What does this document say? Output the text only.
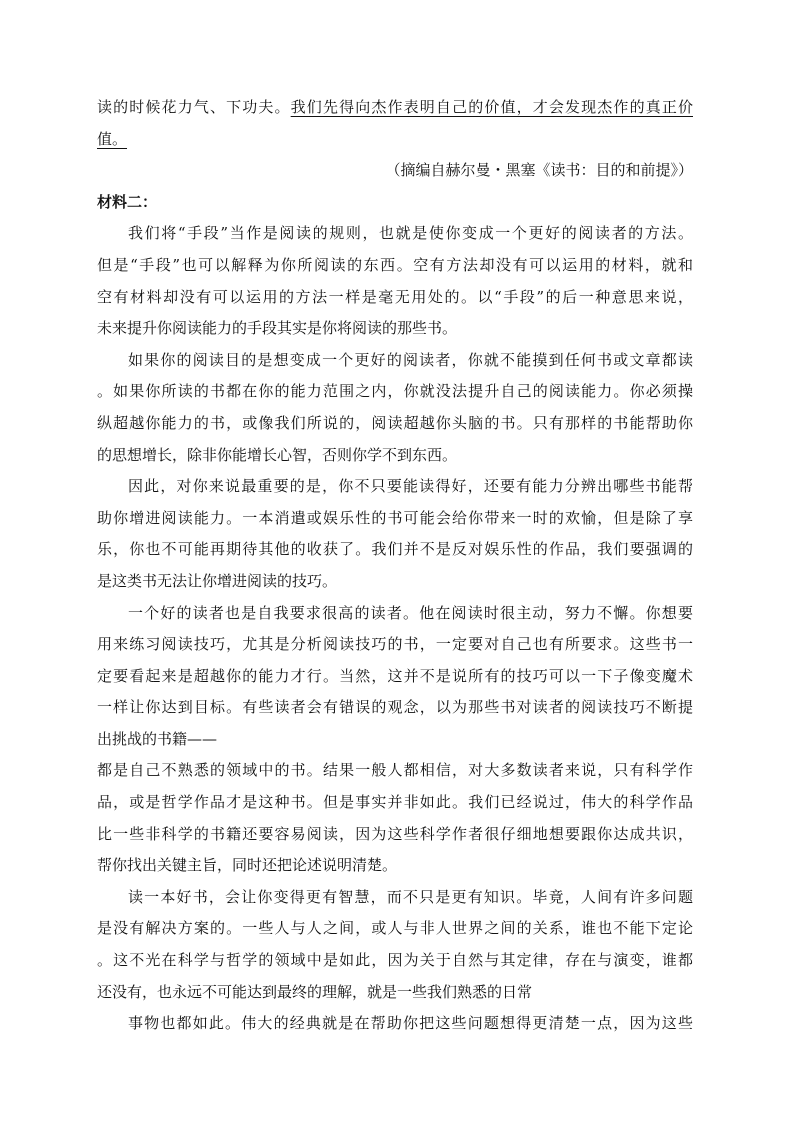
读的时候花力气、下功夫。我们先得向杰作表明自己的价值，才会发现杰作的真正价

值。

（摘编自赫尔曼・黑塞《读书：目的和前提》）

材料二：

我们将“手段”当作是阅读的规则，也就是使你变成一个更好的阅读者的方法。

但是“手段”也可以解释为你所阅读的东西。空有方法却没有可以运用的材料，就和

空有材料却没有可以运用的方法一样是毫无用处的。以“手段”的后一种意思来说，

未来提升你阅读能力的手段其实是你将阅读的那些书。

如果你的阅读目的是想变成一个更好的阅读者，你就不能摸到任何书或文章都读

。如果你所读的书都在你的能力范围之内，你就没法提升自己的阅读能力。你必须操

纵超越你能力的书，或像我们所说的，阅读超越你头脑的书。只有那样的书能帮助你

的思想增长，除非你能增长心智，否则你学不到东西。

因此，对你来说最重要的是，你不只要能读得好，还要有能力分辨出哪些书能帮

助你增进阅读能力。一本消遣或娱乐性的书可能会给你带来一时的欢愉，但是除了享

乐，你也不可能再期待其他的收获了。我们并不是反对娱乐性的作品，我们要强调的

是这类书无法让你增进阅读的技巧。

一个好的读者也是自我要求很高的读者。他在阅读时很主动，努力不懈。你想要

用来练习阅读技巧，尤其是分析阅读技巧的书，一定要对自己也有所要求。这些书一

定要看起来是超越你的能力才行。当然，这并不是说所有的技巧可以一下子像变魔术

一样让你达到目标。有些读者会有错误的观念，以为那些书对读者的阅读技巧不断提

出挑战的书籍——

都是自己不熟悉的领域中的书。结果一般人都相信，对大多数读者来说，只有科学作

品，或是哲学作品才是这种书。但是事实并非如此。我们已经说过，伟大的科学作品

比一些非科学的书籍还要容易阅读，因为这些科学作者很仔细地想要跟你达成共识，

帮你找出关键主旨，同时还把论述说明清楚。

读一本好书，会让你变得更有智慧，而不只是更有知识。毕竟，人间有许多问题

是没有解决方案的。一些人与人之间，或人与非人世界之间的关系，谁也不能下定论

。这不光在科学与哲学的领域中是如此，因为关于自然与其定律，存在与演变，谁都

还没有，也永远不可能达到最终的理解，就是一些我们熟悉的日常

事物也都如此。伟大的经典就是在帮助你把这些问题想得更清楚一点，因为这些
